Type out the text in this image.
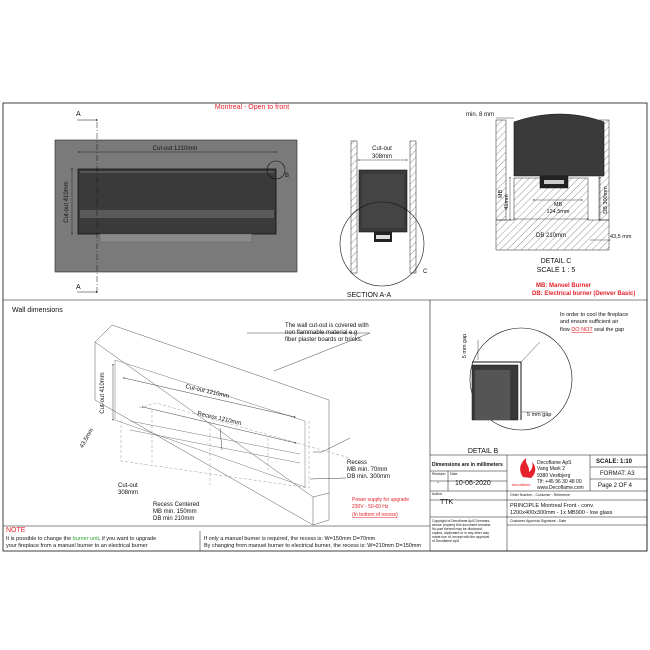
Montreal - Open to front
A
A
Cut-out 1210mm
Cut-out 410mm
B
Cut-out
308mm
C
SECTION A-A
min. 8 mm
MB
124,5mm
DB 210mm
DB 300mm
MB
41mm
43,5 mm
DETAIL C
SCALE 1 : 5
MB: Manuel Burner
DB: Electrical burner (Denver Basic)
Wall dimensions
The wall cut-out is covered with
non flammable material e.g
fiber plaster boards or bricks.
Cut-out 1210mm
Recess 1210mm
Cut-out 410mm
43,5mm
Cut-out
308mm
Recess Centered
MB min. 150mm
DB min 210mm
Recess
MB min. 70mm
DB min. 300mm
Power supply for upgrade
230V - 50-60 Hz
(In bottom of recess)
In order to cool the fireplace
and ensure sufficient air
flow DO NOT seal the gap
5 mm gap
5 mm gap
DETAIL B
NOTE
It is possible to change the burner unit, if you want to upgrade
your fireplace from a manuel burner to an electrical burner
If only a manuel burner is required, the recess is: W=150mm D=70mm
By changing from manuel burner to electrical burner, the recess is: W=210mm D=150mm
Dimensions are in millimeters
decoflame
Decoflame ApS
Vang Mark 2
9380 Vestbjerg
Tlf: +45 96 30 48 00
www.Decoflame.com
SCALE: 1:10
FORMAT: A3
Page 2 OF 4
Revision
-
Date
10-06-2020
Author
TTK
Order Number - Customer - Reference
PRINCIPLE Montreal Front - conv.
1200x400x300mm - 1x MB900 - low glass
Customer Approval Signature - Date
Copyright of Decoflame ApS Denmark,
whose property this document remains.
No part thereof may be disclosed,
copied, duplicated or in any other way
made use of, except with the approval
of Decoflame ApS.
